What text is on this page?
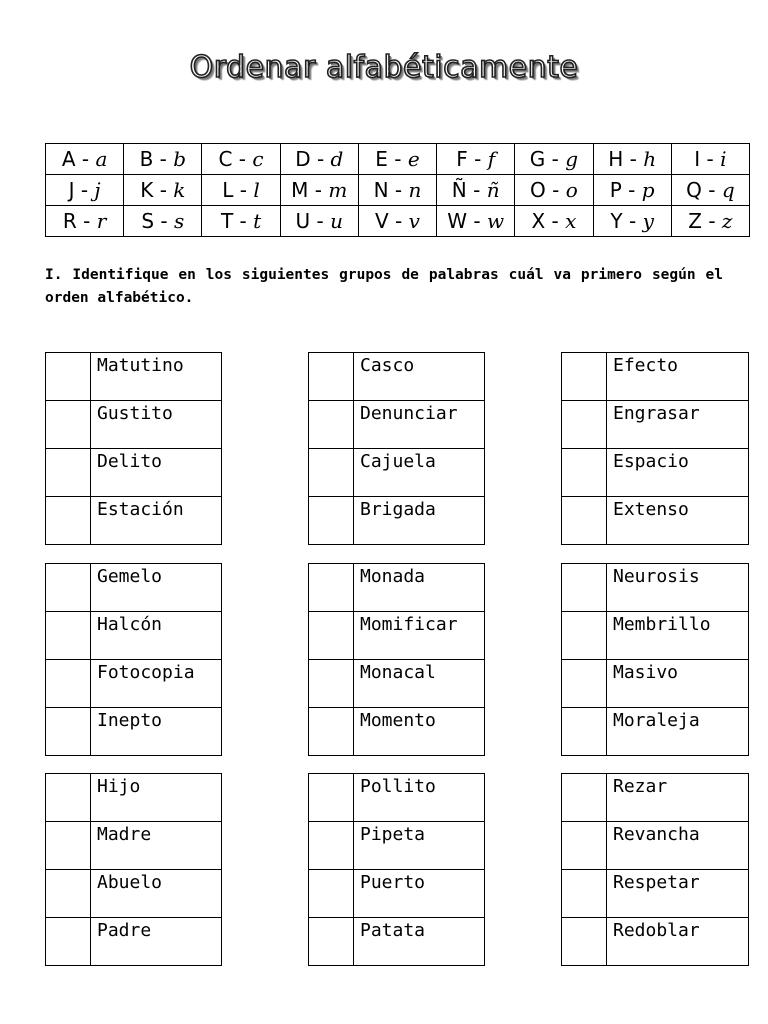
Ordenar alfabéticamente
A - a	B - b	C - c	D - d	E - e	F - f	G - g	H - h	I - i
J - j	K - k	L - l	M - m	N - n	Ñ - ñ	O - o	P - p	Q - q
R - r	S - s	T - t	U - u	V - v	W - w	X - x	Y - y	Z - z
I. Identifique en los siguientes grupos de palabras cuál va primero según el orden alfabético.
	Matutino
	Gustito
	Delito
	Estación
	Casco
	Denunciar
	Cajuela
	Brigada
	Efecto
	Engrasar
	Espacio
	Extenso
	Gemelo
	Halcón
	Fotocopia
	Inepto
	Monada
	Momificar
	Monacal
	Momento
	Neurosis
	Membrillo
	Masivo
	Moraleja
	Hijo
	Madre
	Abuelo
	Padre
	Pollito
	Pipeta
	Puerto
	Patata
	Rezar
	Revancha
	Respetar
	Redoblar
